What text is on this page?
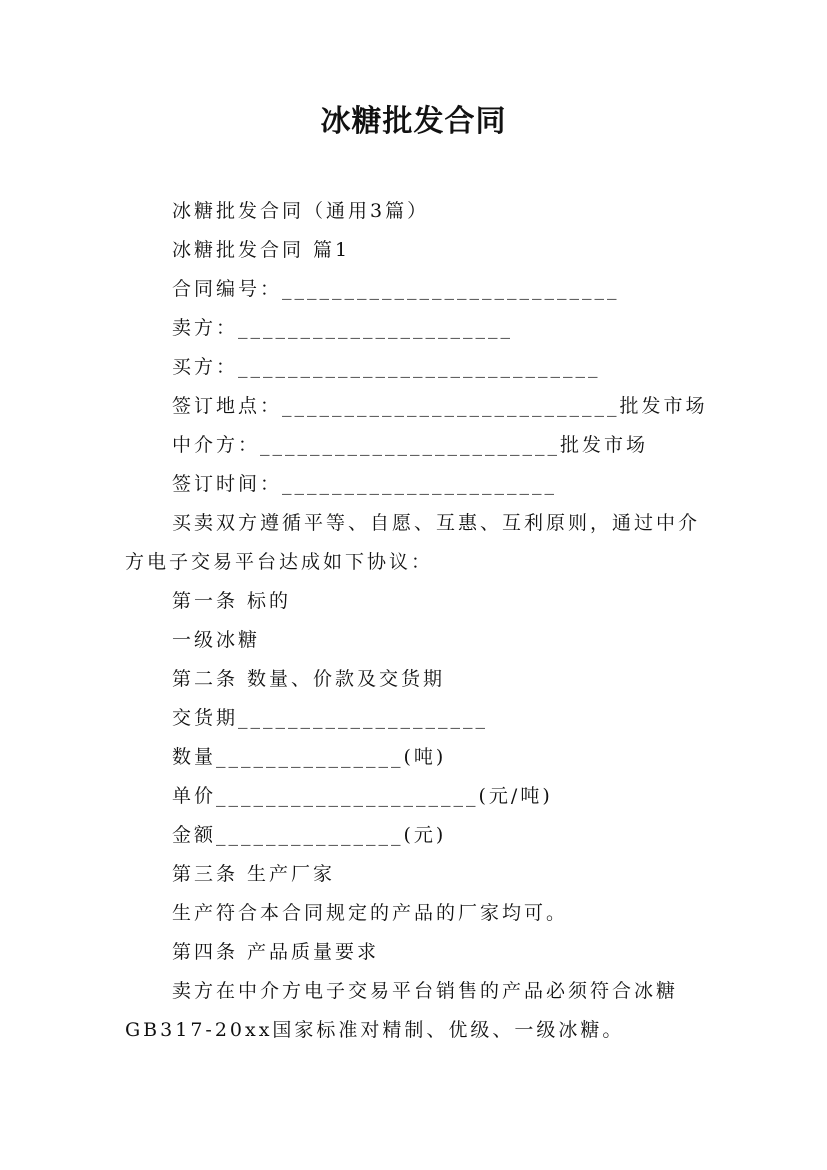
冰糖批发合同
冰糖批发合同（通用3篇）
冰糖批发合同 篇1
合同编号：___________________________
卖方：______________________
买方：_____________________________
签订地点：___________________________批发市场
中介方：________________________批发市场
签订时间：______________________
买卖双方遵循平等、自愿、互惠、互利原则，通过中介
方电子交易平台达成如下协议：
第一条 标的
一级冰糖
第二条 数量、价款及交货期
交货期____________________
数量_______________(吨)
单价_____________________(元/吨)
金额_______________(元)
第三条 生产厂家
生产符合本合同规定的产品的厂家均可。
第四条 产品质量要求
卖方在中介方电子交易平台销售的产品必须符合冰糖
GB317-20xx国家标准对精制、优级、一级冰糖。
